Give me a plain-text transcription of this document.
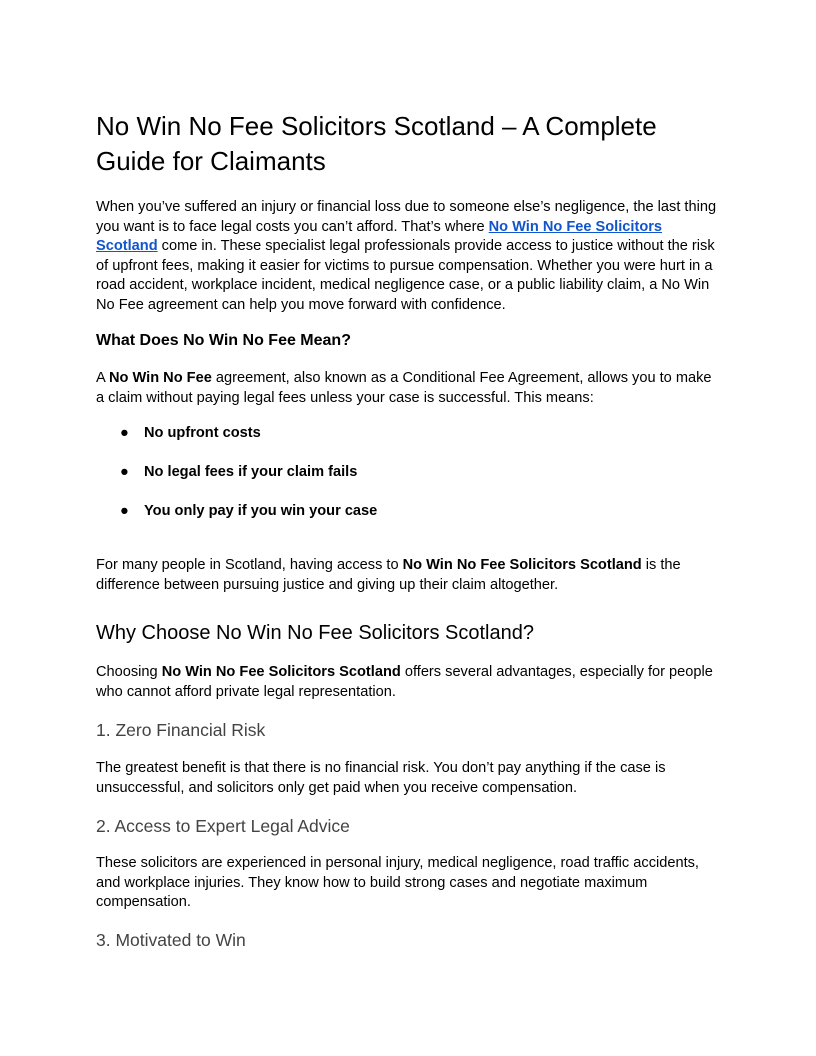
No Win No Fee Solicitors Scotland – A Complete Guide for Claimants

When you’ve suffered an injury or financial loss due to someone else’s negligence, the last thing you want is to face legal costs you can’t afford. That’s where No Win No Fee Solicitors Scotland come in. These specialist legal professionals provide access to justice without the risk of upfront fees, making it easier for victims to pursue compensation. Whether you were hurt in a road accident, workplace incident, medical negligence case, or a public liability claim, a No Win No Fee agreement can help you move forward with confidence.

What Does No Win No Fee Mean?

A No Win No Fee agreement, also known as a Conditional Fee Agreement, allows you to make a claim without paying legal fees unless your case is successful. This means:

● No upfront costs
● No legal fees if your claim fails
● You only pay if you win your case

For many people in Scotland, having access to No Win No Fee Solicitors Scotland is the difference between pursuing justice and giving up their claim altogether.

Why Choose No Win No Fee Solicitors Scotland?

Choosing No Win No Fee Solicitors Scotland offers several advantages, especially for people who cannot afford private legal representation.

1. Zero Financial Risk

The greatest benefit is that there is no financial risk. You don’t pay anything if the case is unsuccessful, and solicitors only get paid when you receive compensation.

2. Access to Expert Legal Advice

These solicitors are experienced in personal injury, medical negligence, road traffic accidents, and workplace injuries. They know how to build strong cases and negotiate maximum compensation.

3. Motivated to Win
